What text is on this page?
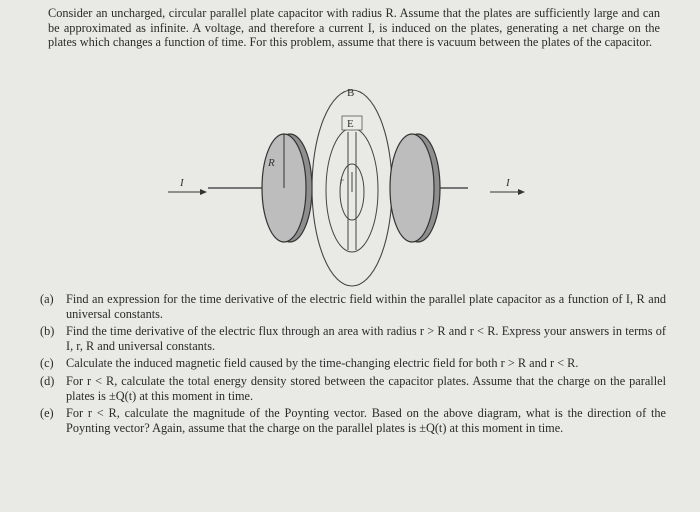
Consider an uncharged, circular parallel plate capacitor with radius R. Assume that the plates are sufficiently large and can be approximated as infinite. A voltage, and therefore a current I, is induced on the plates, generating a net charge on the plates which changes a function of time. For this problem, assume that there is vacuum between the plates of the capacitor.
I	I
R
B
E
r
(a)	Find an expression for the time derivative of the electric field within the parallel plate capacitor as a function of I, R and universal constants.
(b) Find the time derivative of the electric flux through an area with radius r > R and r < R. Express your answers in terms of I, r, R and universal constants.
(c)	Calculate the induced magnetic field caused by the time-changing electric field for both r > R and r < R.
(d) For r < R, calculate the total energy density stored between the capacitor plates. Assume that the charge on the parallel plates is ±Q(t) at this moment in time.
(e)	For r < R, calculate the magnitude of the Poynting vector. Based on the above diagram, what is the direction of the Poynting vector? Again, assume that the charge on the parallel plates is ±Q(t) at this moment in time.
